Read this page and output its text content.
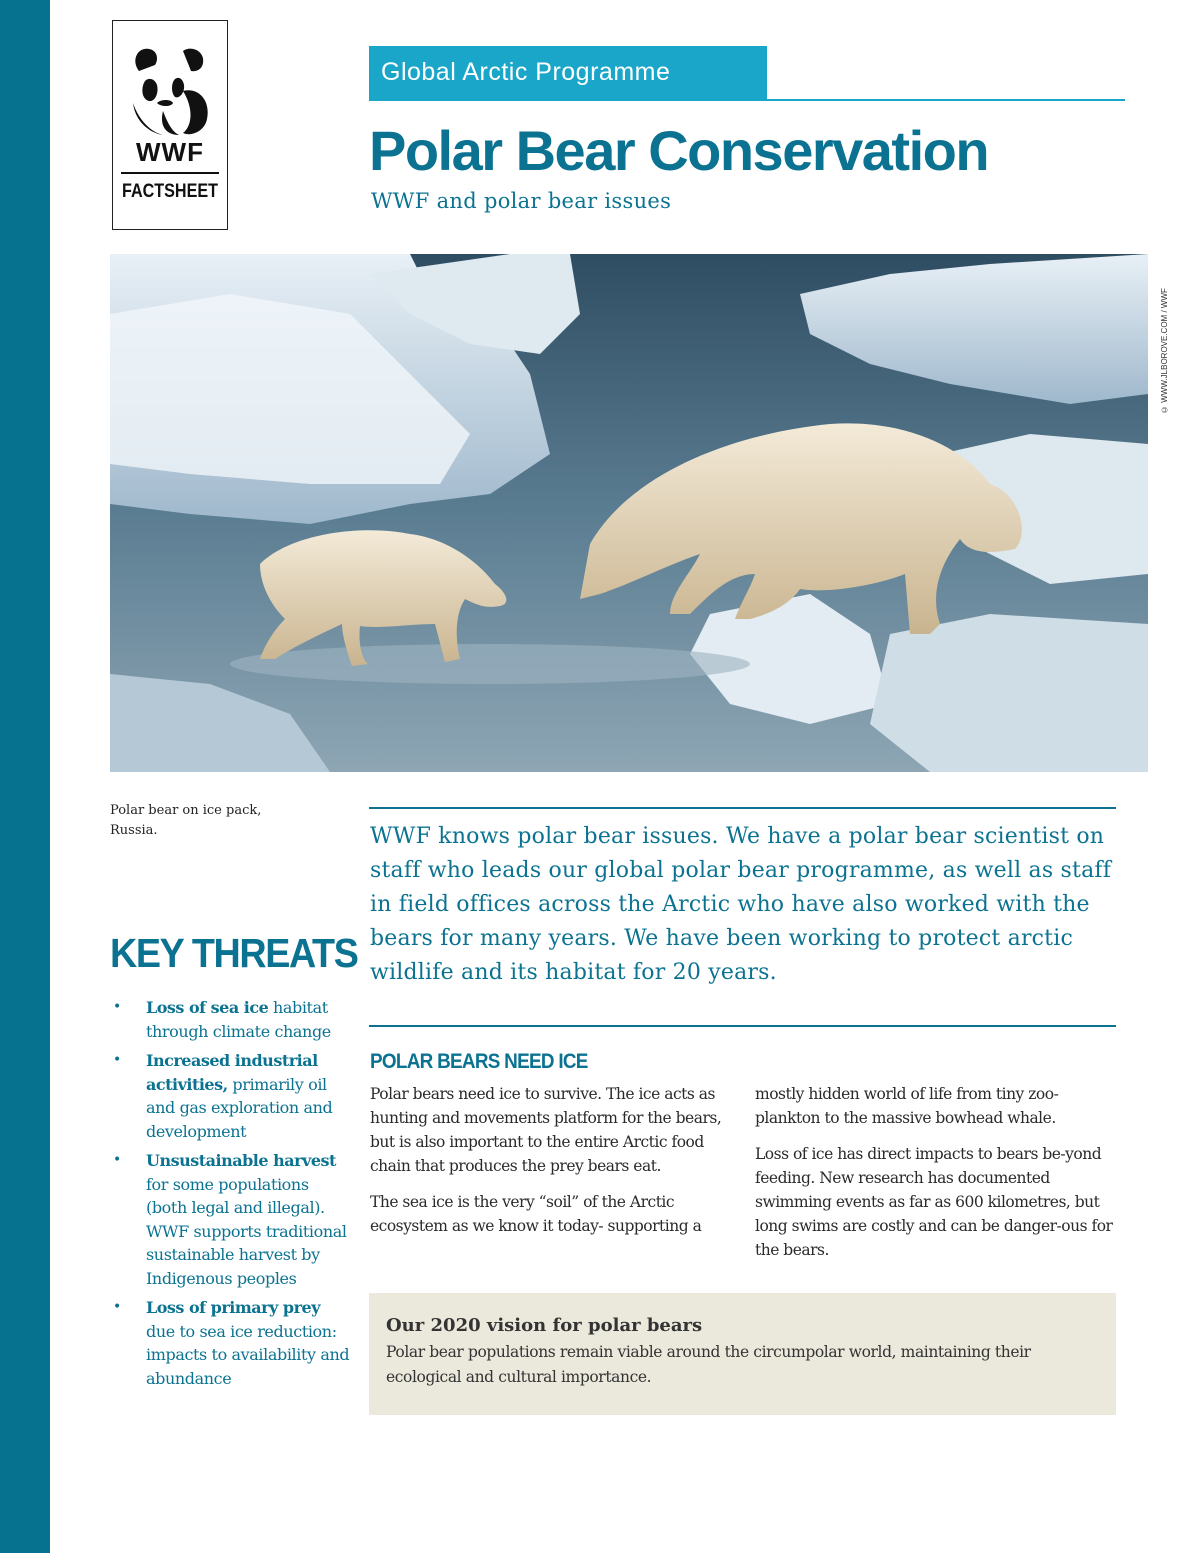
WWF
FACTSHEET
Global Arctic Programme
Polar Bear Conservation
WWF and polar bear issues
© WWW.JLBOROVE.COM / WWF
Polar bear on ice pack, Russia.	WWF knows polar bear issues. We have a polar bear scientist on staff who leads our global polar bear programme, as well as staff in field offices across the Arctic who have also worked with the bears for many years. We have been working to protect arctic wildlife and its habitat for 20 years.
KEY THREATS
• Loss of sea ice habitat through climate change
• Increased industrial activities, primarily oil and gas exploration and development
• Unsustainable harvest for some populations (both legal and illegal). WWF supports traditional sustainable harvest by Indigenous peoples
• Loss of primary prey due to sea ice reduction: impacts to availability and abundance
POLAR BEARS NEED ICE

Polar bears need ice to survive. The ice acts as hunting and movements platform for the bears, but is also important to the entire Arctic food chain that produces the prey bears eat.

The sea ice is the very “soil” of the Arctic ecosystem as we know it today- supporting a

mostly hidden world of life from tiny zoo-plankton to the massive bowhead whale.

Loss of ice has direct impacts to bears be-yond feeding. New research has documented swimming events as far as 600 kilometres, but long swims are costly and can be danger-ous for the bears.

Our 2020 vision for polar bears
Polar bear populations remain viable around the circumpolar world, maintaining their ecological and cultural importance.
